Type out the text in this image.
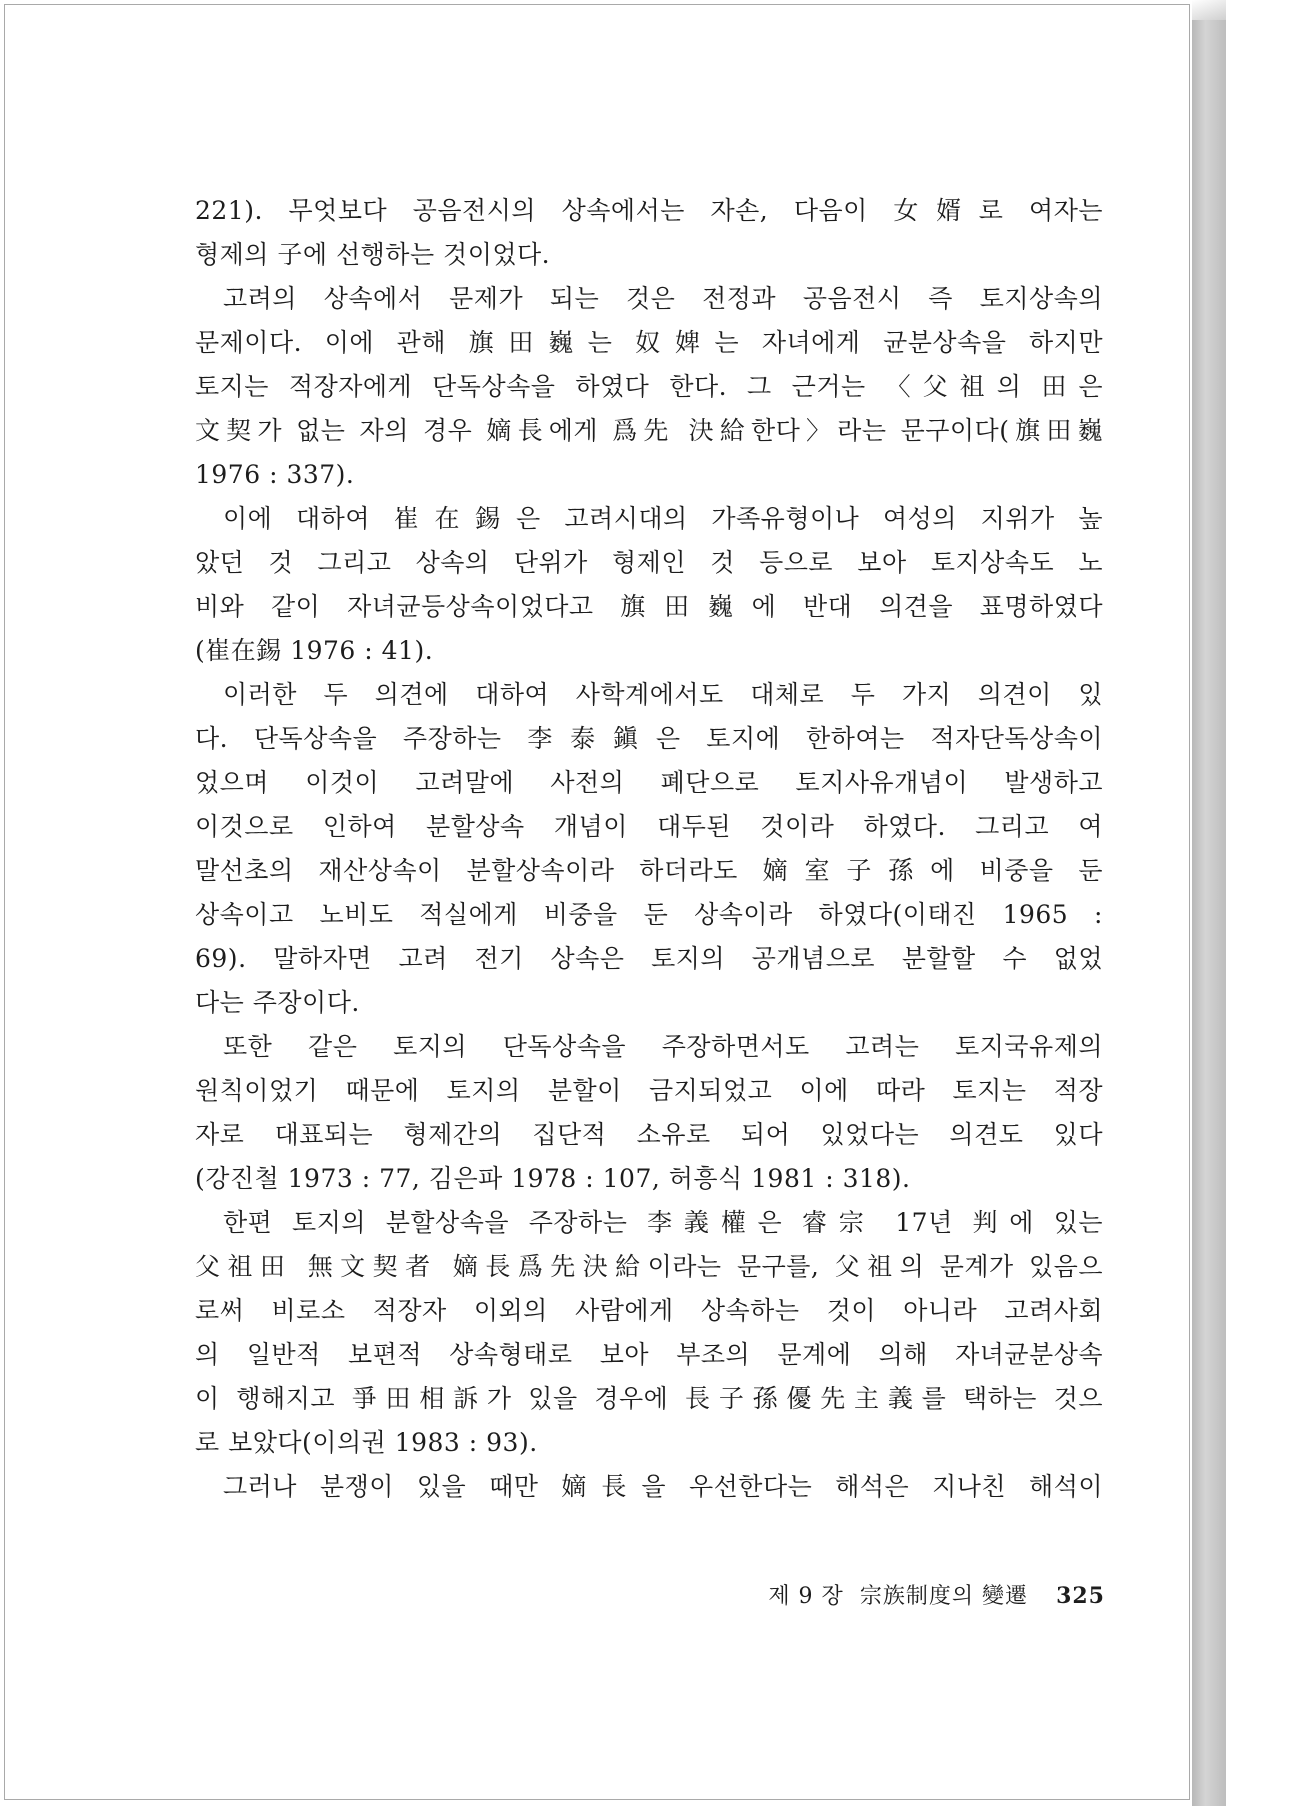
221). 무엇보다 공음전시의 상속에서는 자손, 다음이 女婿로 여자는
형제의 子에 선행하는 것이었다.
고려의 상속에서 문제가 되는 것은 전정과 공음전시 즉 토지상속의
문제이다. 이에 관해 旗田巍는 奴婢는 자녀에게 균분상속을 하지만
토지는 적장자에게 단독상속을 하였다 한다. 그 근거는 〈父祖의 田은
文契가 없는 자의 경우 嫡長에게 爲先 決給한다〉라는 문구이다(旗田巍
1976 : 337).
이에 대하여 崔在錫은 고려시대의 가족유형이나 여성의 지위가 높
았던 것 그리고 상속의 단위가 형제인 것 등으로 보아 토지상속도 노
비와 같이 자녀균등상속이었다고 旗田巍에 반대 의견을 표명하였다
(崔在錫 1976 : 41).
이러한 두 의견에 대하여 사학계에서도 대체로 두 가지 의견이 있
다. 단독상속을 주장하는 李泰鎭은 토지에 한하여는 적자단독상속이
었으며 이것이 고려말에 사전의 폐단으로 토지사유개념이 발생하고
이것으로 인하여 분할상속 개념이 대두된 것이라 하였다. 그리고 여
말선초의 재산상속이 분할상속이라 하더라도 嫡室子孫에 비중을 둔
상속이고 노비도 적실에게 비중을 둔 상속이라 하였다(이태진 1965 :
69). 말하자면 고려 전기 상속은 토지의 공개념으로 분할할 수 없었
다는 주장이다.
또한 같은 토지의 단독상속을 주장하면서도 고려는 토지국유제의
원칙이었기 때문에 토지의 분할이 금지되었고 이에 따라 토지는 적장
자로 대표되는 형제간의 집단적 소유로 되어 있었다는 의견도 있다
(강진철 1973 : 77, 김은파 1978 : 107, 허흥식 1981 : 318).
한편 토지의 분할상속을 주장하는 李義權은 睿宗 17년 判에 있는
父祖田 無文契者 嫡長爲先決給이라는 문구를, 父祖의 문계가 있음으
로써 비로소 적장자 이외의 사람에게 상속하는 것이 아니라 고려사회
의 일반적 보편적 상속형태로 보아 부조의 문계에 의해 자녀균분상속
이 행해지고 爭田相訴가 있을 경우에 長子孫優先主義를 택하는 것으
로 보았다(이의권 1983 : 93).
그러나 분쟁이 있을 때만 嫡長을 우선한다는 해석은 지나친 해석이
제 9 장 宗族制度의 變遷 325
